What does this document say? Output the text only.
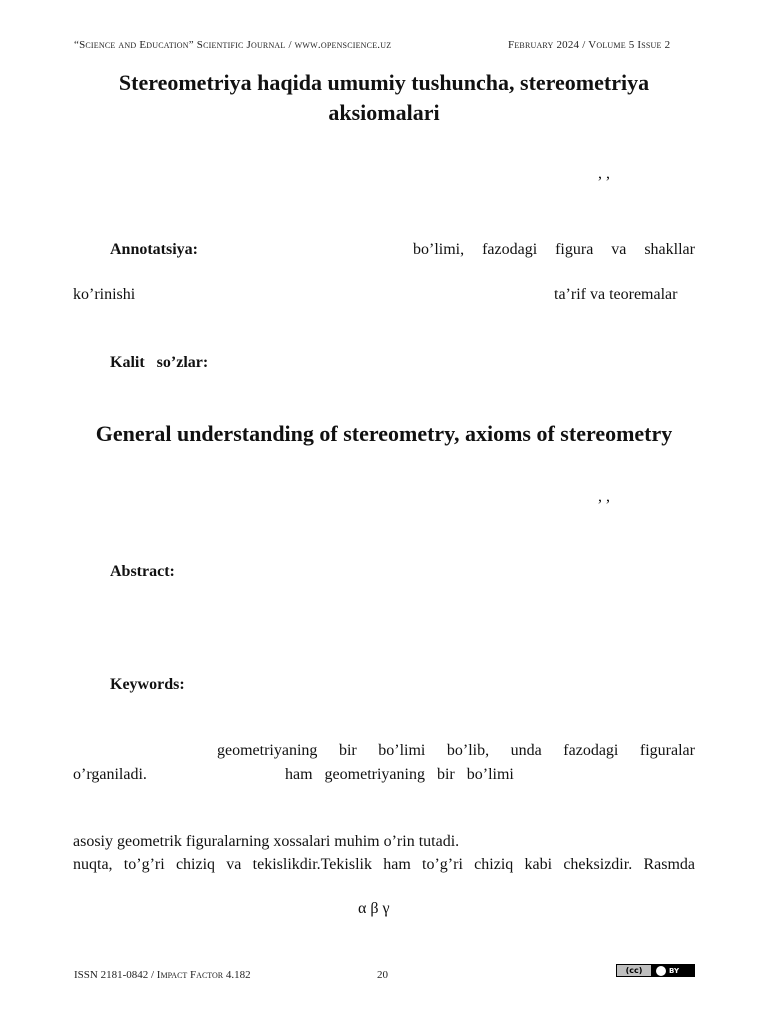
“Science and Education” Scientific Journal / www.openscience.uz	February 2024 / Volume 5 Issue 2
Stereometriya haqida umumiy tushuncha, stereometriya
aksiomalari
, ,
Annotatsiya:	bo’limi, fazodagi figura va shakllar
ko’rinishi	ta’rif va teoremalar
Kalit   so’zlar:
General understanding of stereometry, axioms of stereometry
, ,
Abstract:
Keywords:
geometriyaning bir bo’limi bo’lib, unda fazodagi figuralar
o’rganiladi.	ham   geometriyaning   bir   bo’limi
asosiy geometrik figuralarning xossalari muhim o’rin tutadi.
nuqta, to’g’ri chiziq va tekislikdir.Tekislik ham to’g’ri chiziq kabi cheksizdir. Rasmda
α β γ
ISSN 2181-0842 / Impact Factor 4.182	20	(cc)	● BY
